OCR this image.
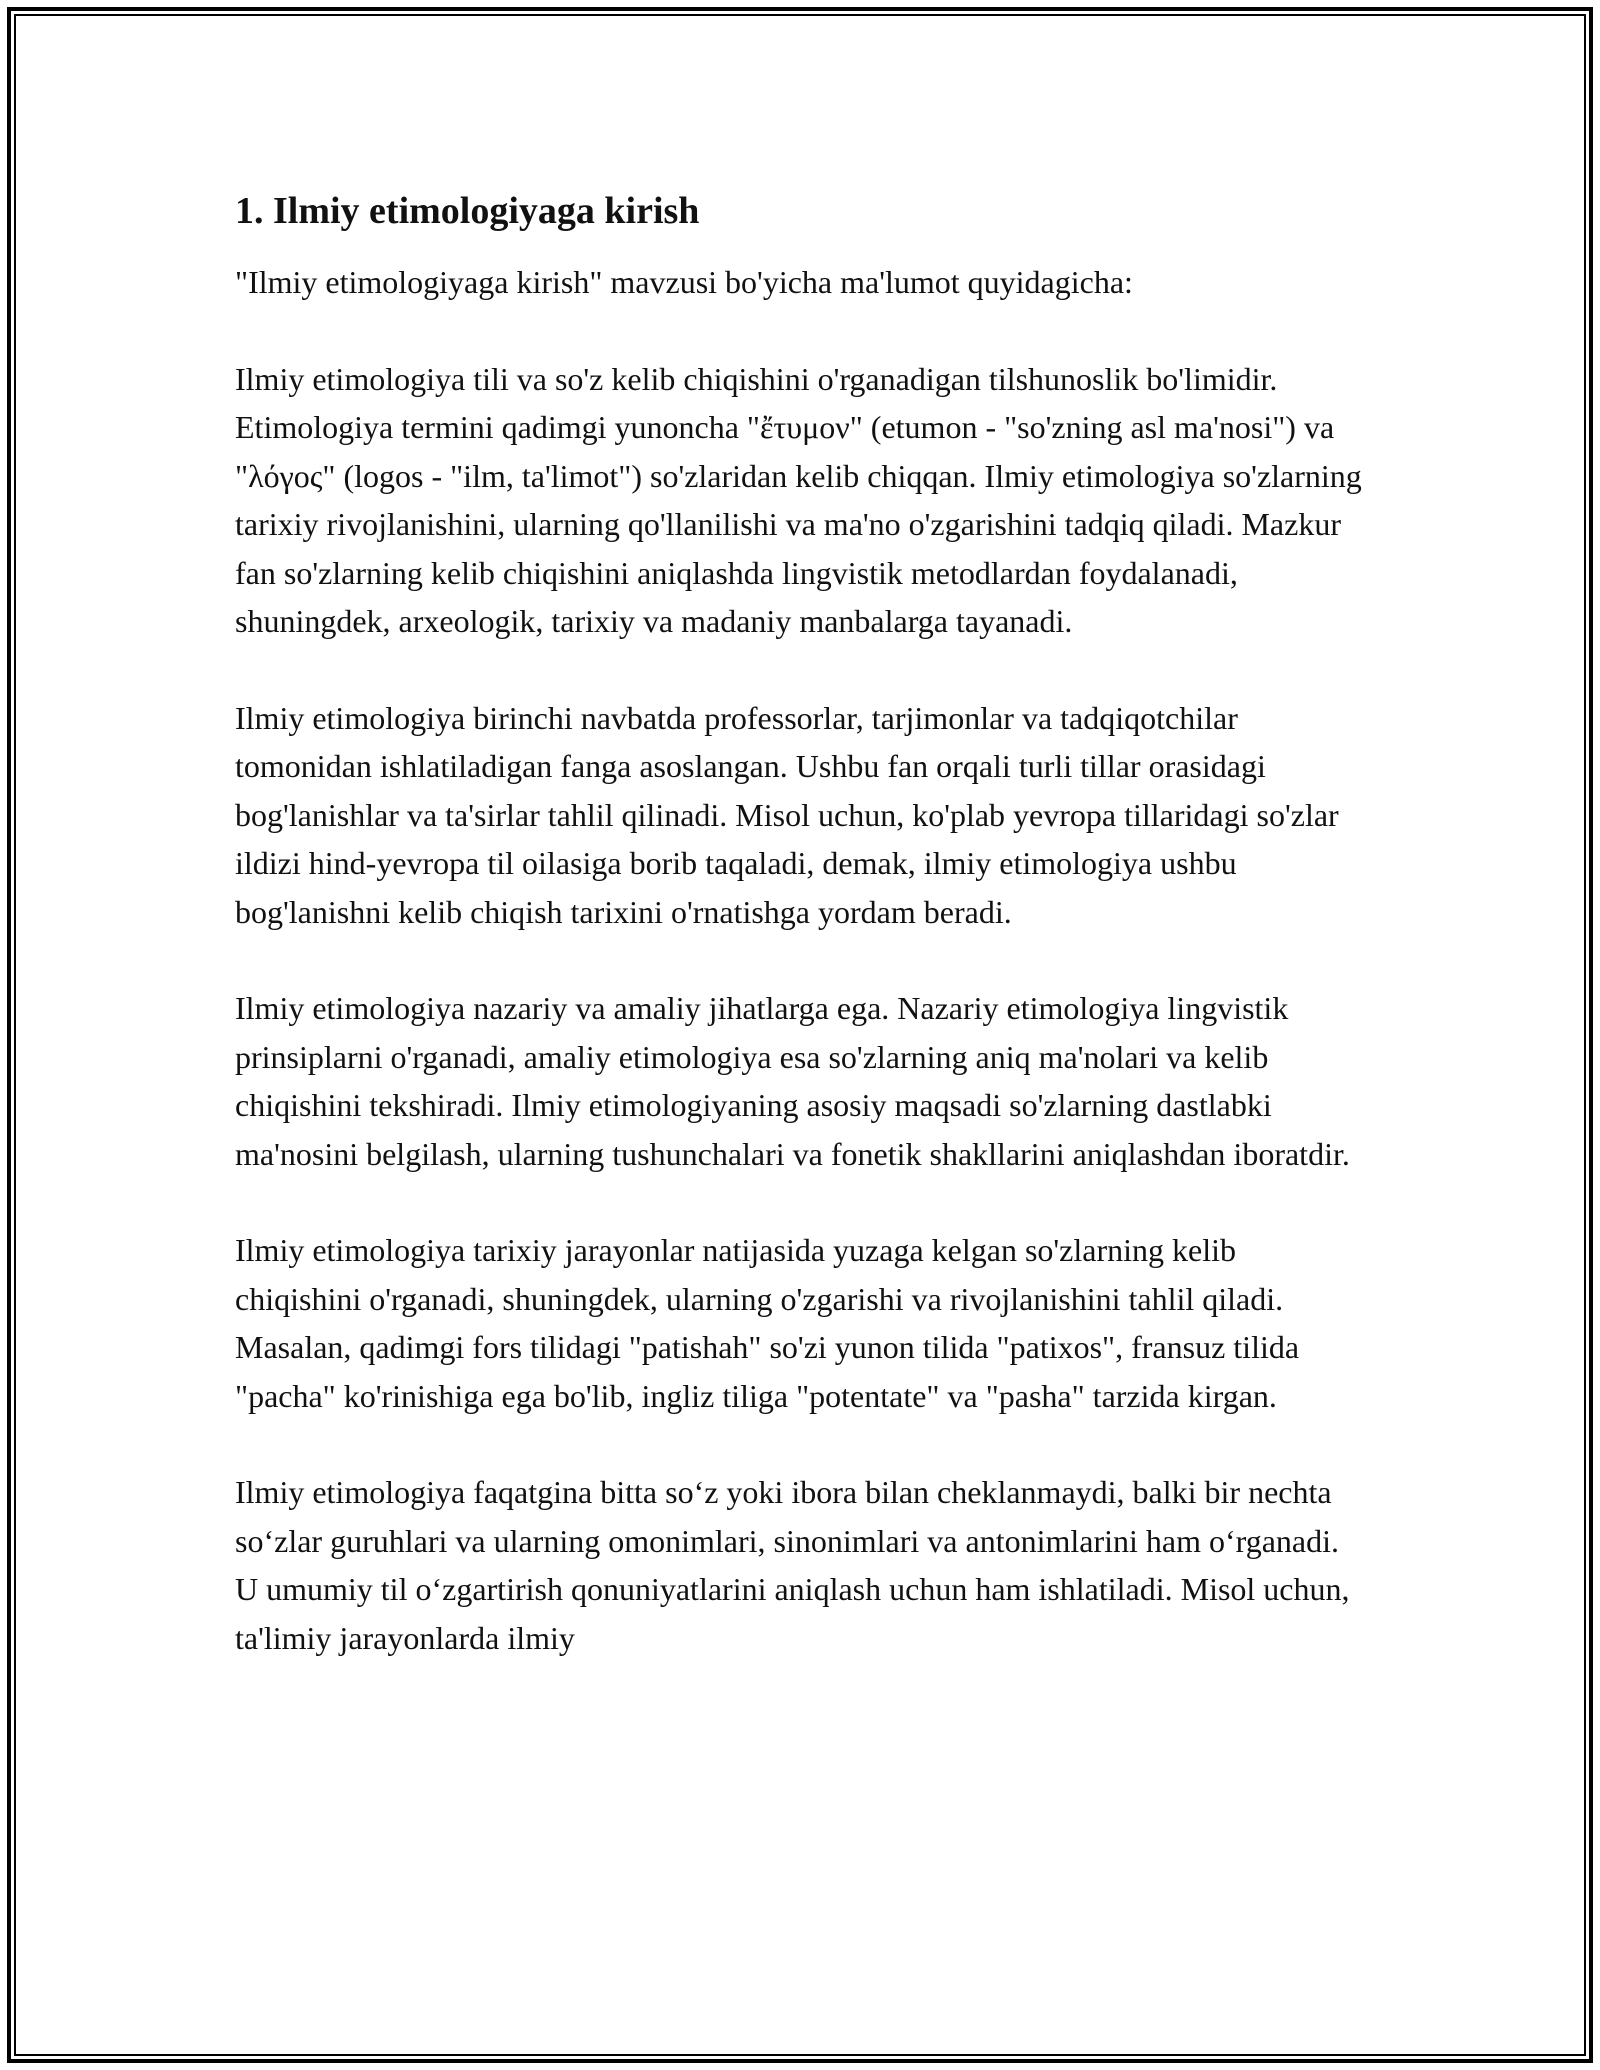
1. Ilmiy etimologiyaga kirish

"Ilmiy etimologiyaga kirish" mavzusi bo'yicha ma'lumot quyidagicha:

Ilmiy etimologiya tili va so'z kelib chiqishini o'rganadigan tilshunoslik bo'limidir. Etimologiya termini qadimgi yunoncha "ἔτυμον" (etumon - "so'zning asl ma'nosi") va "λόγος" (logos - "ilm, ta'limot") so'zlaridan kelib chiqqan. Ilmiy etimologiya so'zlarning tarixiy rivojlanishini, ularning qo'llanilishi va ma'no o'zgarishini tadqiq qiladi. Mazkur fan so'zlarning kelib chiqishini aniqlashda lingvistik metodlardan foydalanadi, shuningdek, arxeologik, tarixiy va madaniy manbalarga tayanadi.

Ilmiy etimologiya birinchi navbatda professorlar, tarjimonlar va tadqiqotchilar tomonidan ishlatiladigan fanga asoslangan. Ushbu fan orqali turli tillar orasidagi bog'lanishlar va ta'sirlar tahlil qilinadi. Misol uchun, ko'plab yevropa tillaridagi so'zlar ildizi hind-yevropa til oilasiga borib taqaladi, demak, ilmiy etimologiya ushbu bog'lanishni kelib chiqish tarixini o'rnatishga yordam beradi.

Ilmiy etimologiya nazariy va amaliy jihatlarga ega. Nazariy etimologiya lingvistik prinsiplarni o'rganadi, amaliy etimologiya esa so'zlarning aniq ma'nolari va kelib chiqishini tekshiradi. Ilmiy etimologiyaning asosiy maqsadi so'zlarning dastlabki ma'nosini belgilash, ularning tushunchalari va fonetik shakllarini aniqlashdan iboratdir.

Ilmiy etimologiya tarixiy jarayonlar natijasida yuzaga kelgan so'zlarning kelib chiqishini o'rganadi, shuningdek, ularning o'zgarishi va rivojlanishini tahlil qiladi. Masalan, qadimgi fors tilidagi "patishah" so'zi yunon tilida "patixos", fransuz tilida "pacha" ko'rinishiga ega bo'lib, ingliz tiliga "potentate" va "pasha" tarzida kirgan.

Ilmiy etimologiya faqatgina bitta so‘z yoki ibora bilan cheklanmaydi, balki bir nechta so‘zlar guruhlari va ularning omonimlari, sinonimlari va antonimlarini ham o‘rganadi. U umumiy til o‘zgartirish qonuniyatlarini aniqlash uchun ham ishlatiladi. Misol uchun, ta'limiy jarayonlarda ilmiy
